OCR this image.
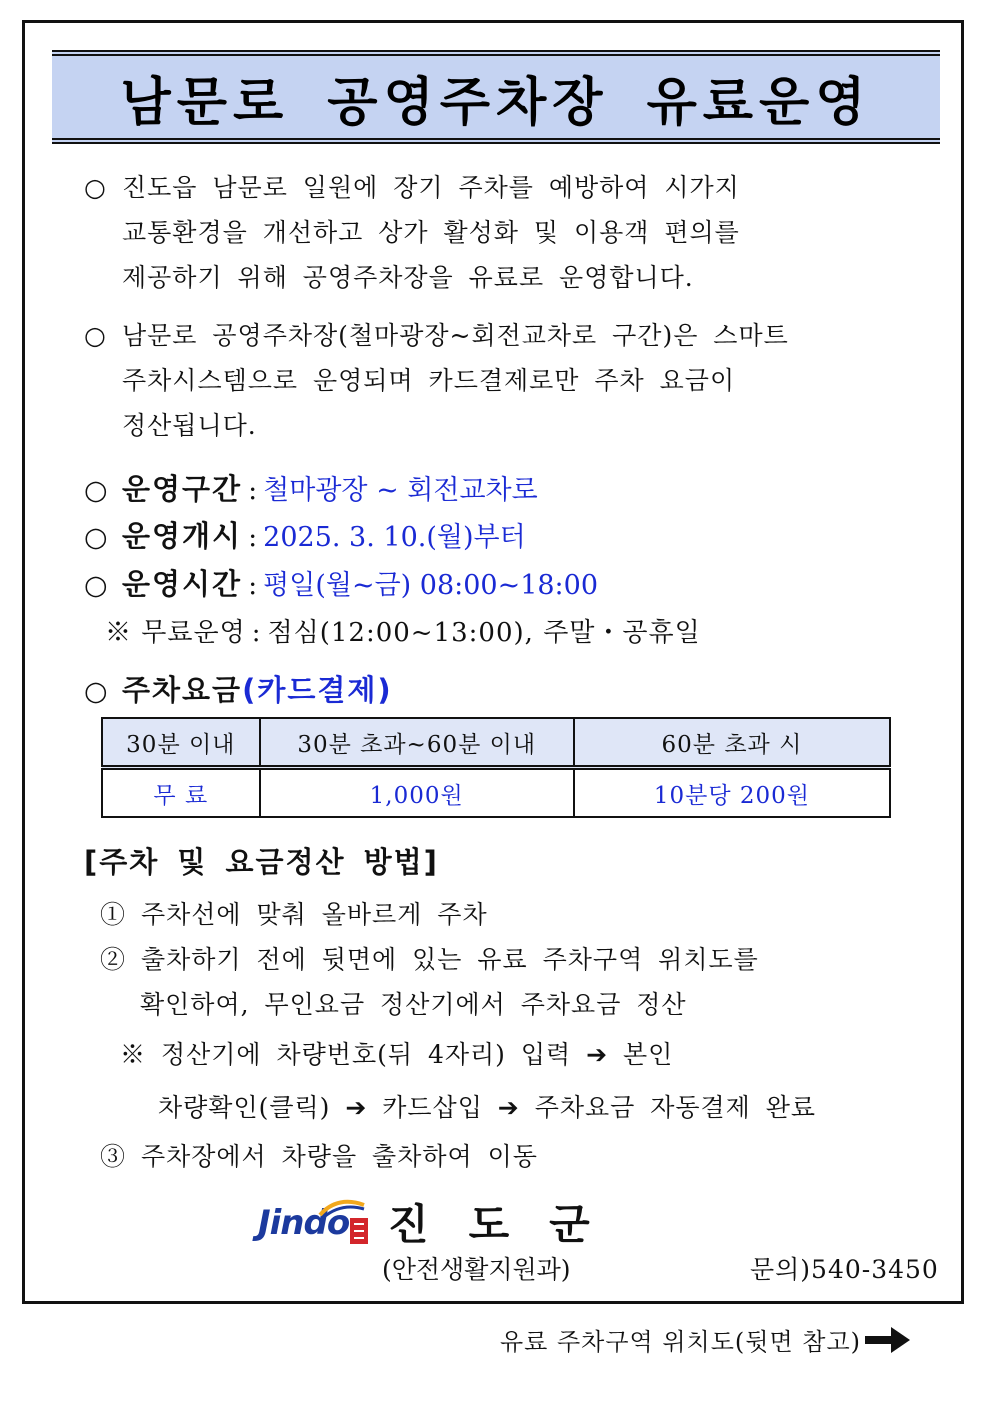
남문로 공영주차장 유료운영
○ 진도읍 남문로 일원에 장기 주차를 예방하여 시가지
교통환경을 개선하고 상가 활성화 및 이용객 편의를
제공하기 위해 공영주차장을 유료로 운영합니다.
○ 남문로 공영주차장(철마광장~회전교차로 구간)은 스마트
주차시스템으로 운영되며 카드결제로만 주차 요금이
정산됩니다.
○ 운영구간 : 철마광장 ~ 회전교차로
○ 운영개시 : 2025. 3. 10.(월)부터
○ 운영시간 : 평일(월~금) 08:00~18:00
※ 무료운영 : 점심(12:00~13:00), 주말・공휴일
○ 주차요금(카드결제)
30분 이내	30분 초과~60분 이내	60분 초과 시
무 료	1,000원	10분당 200원
[주차 및 요금정산 방법]
① 주차선에 맞춰 올바르게 주차
② 출차하기 전에 뒷면에 있는 유료 주차구역 위치도를
확인하여, 무인요금 정산기에서 주차요금 정산
※ 정산기에 차량번호(뒤 4자리) 입력 ➔ 본인
차량확인(클릭) ➔ 카드삽입 ➔ 주차요금 자동결제 완료
③ 주차장에서 차량을 출차하여 이동
Jindo 진 도 군
(안전생활지원과)	문의)540-3450
유료 주차구역 위치도(뒷면 참고)
